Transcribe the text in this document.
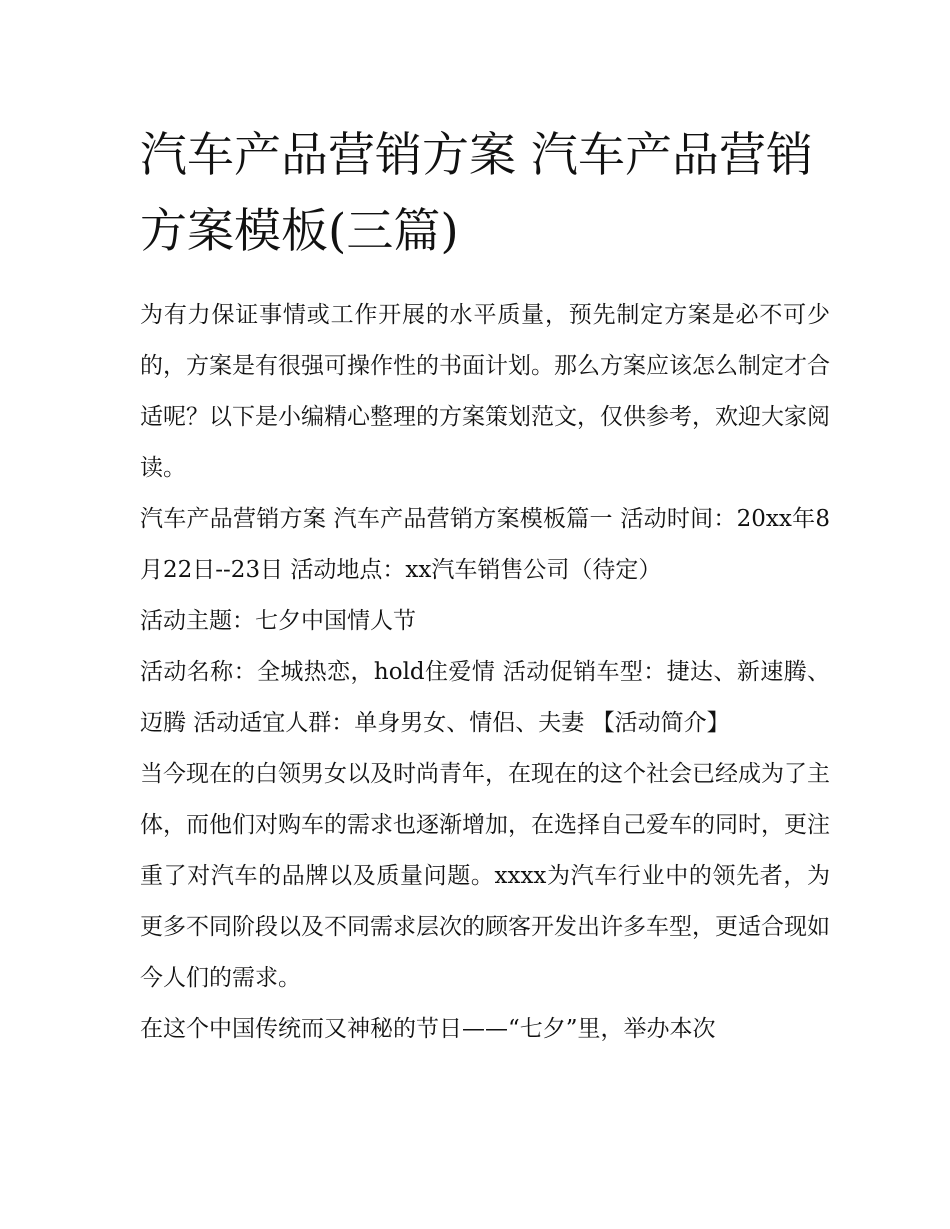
汽车产品营销方案 汽车产品营销方案模板(三篇)

为有力保证事情或工作开展的水平质量，预先制定方案是必不可少的，方案是有很强可操作性的书面计划。那么方案应该怎么制定才合适呢？以下是小编精心整理的方案策划范文，仅供参考，欢迎大家阅读。

汽车产品营销方案 汽车产品营销方案模板篇一 活动时间：20xx年8月22日--23日 活动地点：xx汽车销售公司（待定）

活动主题：七夕中国情人节

活动名称：全城热恋，hold住爱情 活动促销车型：捷达、新速腾、迈腾 活动适宜人群：单身男女、情侣、夫妻 【活动简介】

当今现在的白领男女以及时尚青年，在现在的这个社会已经成为了主体，而他们对购车的需求也逐渐增加，在选择自己爱车的同时，更注重了对汽车的品牌以及质量问题。xxxx为汽车行业中的领先者，为更多不同阶段以及不同需求层次的顾客开发出许多车型，更适合现如今人们的需求。

在这个中国传统而又神秘的节日——“七夕”里，举办本次
